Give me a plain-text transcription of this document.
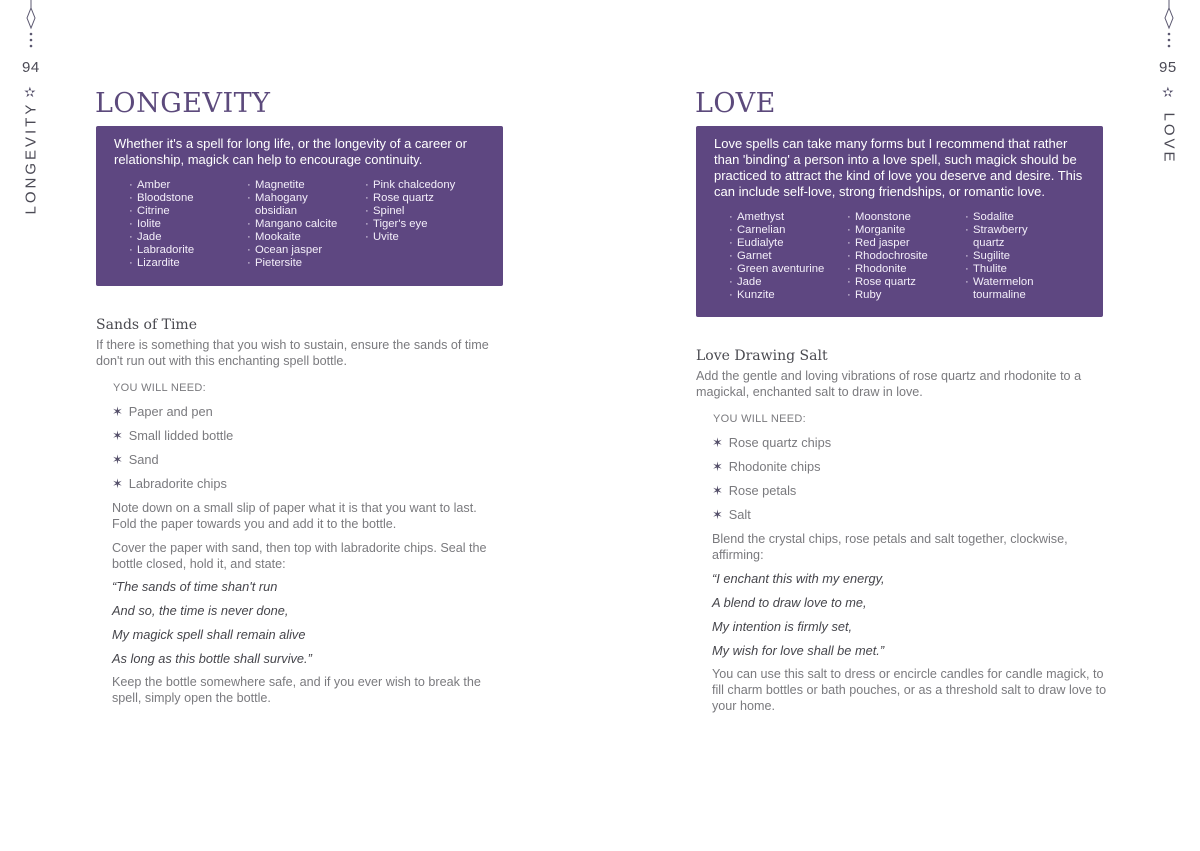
94
✫
LONGEVITY LONGEVITY

Whether it's a spell for long life, or the longevity of a career or relationship, magick can help to encourage continuity.

· Amber
· Bloodstone
· Citrine
· Iolite
· Jade
· Labradorite
· Lizardite
· Magnetite
· Mahogany
obsidian
· Mangano calcite
· Mookaite
· Ocean jasper
· Pietersite
· Pink chalcedony
· Rose quartz
· Spinel
· Tiger's eye
· Uvite
Sands of Time

If there is something that you wish to sustain, ensure the sands of time don't run out with this enchanting spell bottle.

YOU WILL NEED:

✶ Paper and pen
✶ Small lidded bottle
✶ Sand
✶ Labradorite chips

Note down on a small slip of paper what it is that you want to last. Fold the paper towards you and add it to the bottle.

Cover the paper with sand, then top with labradorite chips. Seal the bottle closed, hold it, and state:

“The sands of time shan't run

And so, the time is never done,

My magick spell shall remain alive

As long as this bottle shall survive.”

Keep the bottle somewhere safe, and if you ever wish to break the spell, simply open the bottle.

95
✫
LOVE
LOVE

Love spells can take many forms but I recommend that rather than 'binding' a person into a love spell, such magick should be practiced to attract the kind of love you deserve and desire. This can include self-love, strong friendships, or romantic love.

· Amethyst
· Carnelian
· Eudialyte
· Garnet
· Green aventurine
· Jade
· Kunzite
· Moonstone
· Morganite
· Red jasper
· Rhodochrosite
· Rhodonite
· Rose quartz
· Ruby
· Sodalite
· Strawberry
quartz
· Sugilite
· Thulite
· Watermelon
tourmaline
Love Drawing Salt

Add the gentle and loving vibrations of rose quartz and rhodonite to a magickal, enchanted salt to draw in love.

YOU WILL NEED:

✶ Rose quartz chips
✶ Rhodonite chips
✶ Rose petals
✶ Salt

Blend the crystal chips, rose petals and salt together, clockwise, affirming:

“I enchant this with my energy,

A blend to draw love to me,

My intention is firmly set,

My wish for love shall be met.”

You can use this salt to dress or encircle candles for candle magick, to fill charm bottles or bath pouches, or as a threshold salt to draw love to your home.
